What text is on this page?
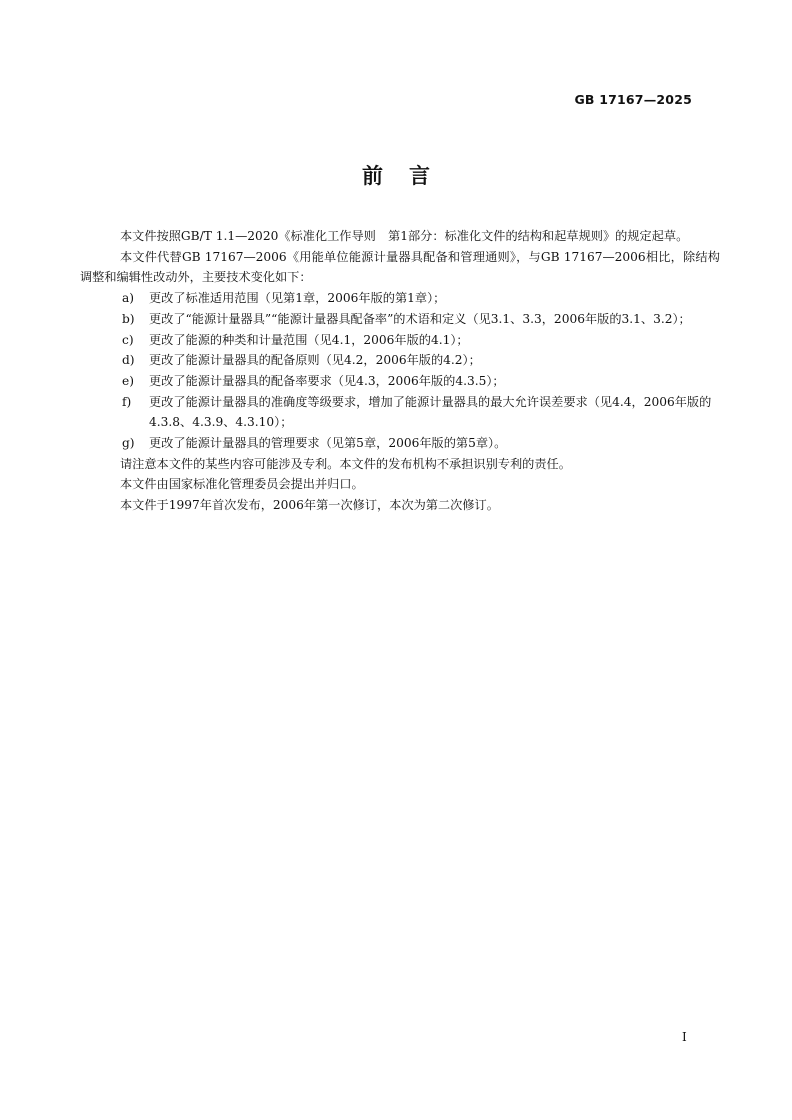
GB 17167—2025
前言

本文件按照GB/T 1.1—2020《标准化工作导则　第1部分：标准化文件的结构和起草规则》的规定起草。

本文件代替GB 17167—2006《用能单位能源计量器具配备和管理通则》，与GB 17167—2006相比，除结构调整和编辑性改动外，主要技术变化如下：

a) 更改了标准适用范围（见第1章，2006年版的第1章）；
b) 更改了“能源计量器具”“能源计量器具配备率”的术语和定义（见3.1、3.3，2006年版的3.1、3.2）；
c) 更改了能源的种类和计量范围（见4.1，2006年版的4.1）；
d) 更改了能源计量器具的配备原则（见4.2，2006年版的4.2）；
e) 更改了能源计量器具的配备率要求（见4.3，2006年版的4.3.5）；
f) 更改了能源计量器具的准确度等级要求，增加了能源计量器具的最大允许误差要求（见4.4，2006年版的4.3.8、4.3.9、4.3.10）；
g) 更改了能源计量器具的管理要求（见第5章，2006年版的第5章）。

请注意本文件的某些内容可能涉及专利。本文件的发布机构不承担识别专利的责任。

本文件由国家标准化管理委员会提出并归口。

本文件于1997年首次发布，2006年第一次修订，本次为第二次修订。

I
